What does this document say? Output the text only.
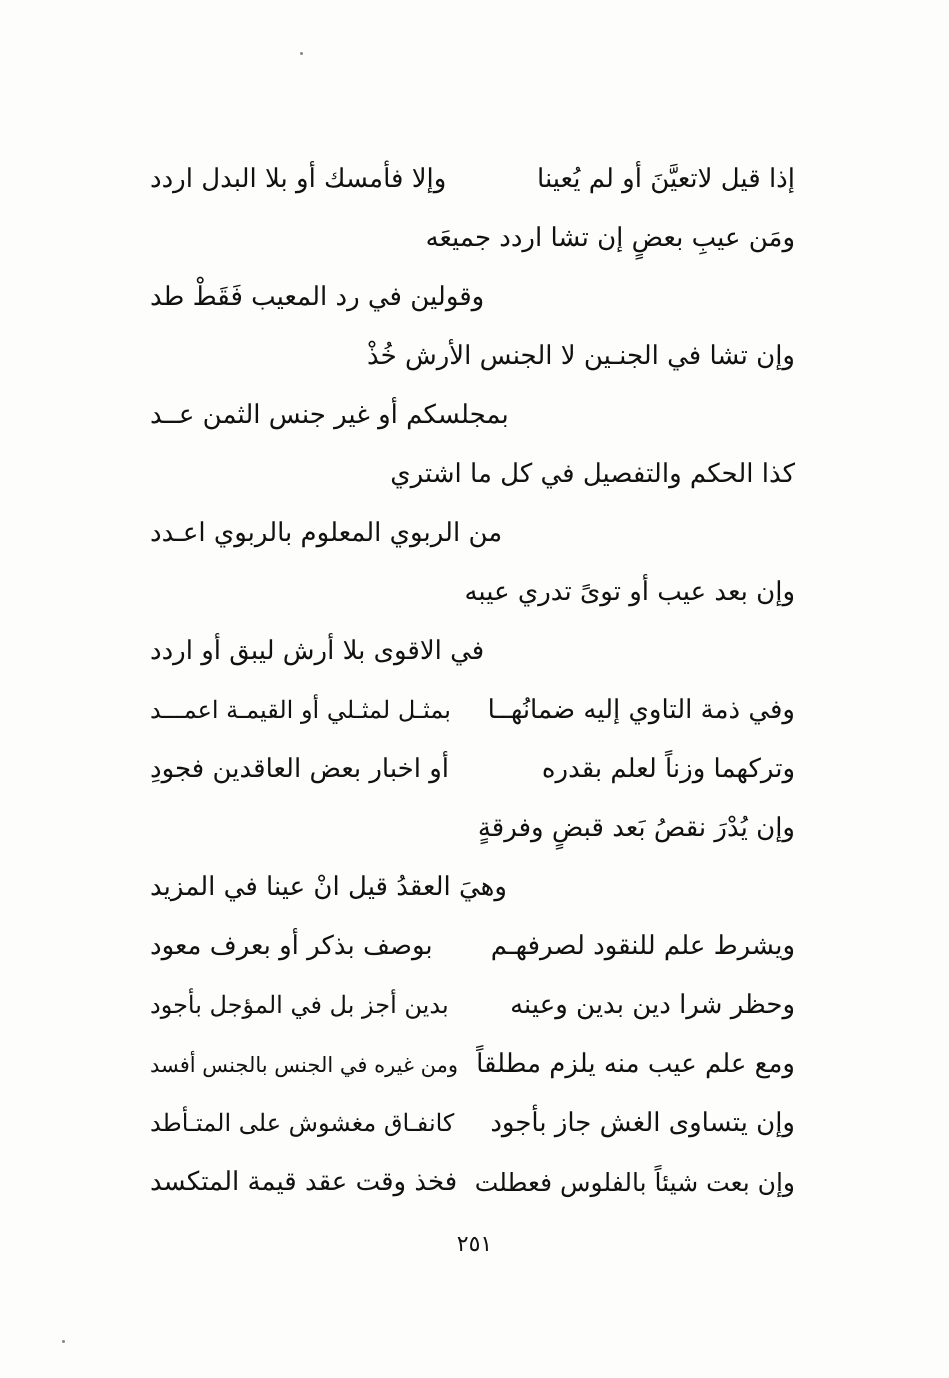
إذا قيل لاتعيَّنَ أو لم يُعينا
وإلا فأمسك أو بلا البدل اردد
ومَن عيبِ بعضٍ إن تشا اردد جميعَه
وقولين في رد المعيب فَقَطْ طد
وإن تشا في الجنـين لا الجنس الأرش خُذْ
بمجلسكم أو غير جنس الثمن عــد
كذا الحكم والتفصيل في كل ما اشتري
من الربوي المعلوم بالربوي اعـدد
وإن بعد عيب أو توىً تدري عيبه
في الاقوى بلا أرش ليبق أو اردد
وفي ذمة التاوي إليه ضمانُهــا
بمثـل لمثـلي أو القيمـة اعمـــد
وتركهما وزناً لعلم بقدره
أو اخبار بعض العاقدين فجودِ
وإن يُدْرَ نقصُ بَعد قبضٍ وفرقةٍ
وهيَ العقدُ قيل انْ عينا في المزيد
ويشرط علم للنقود لصرفهـم
بوصف بذكر أو بعرف معود
وحظر شرا دين بدين وعينه
بدين أجز بل في المؤجل بأجود
ومع علم عيب منه يلزم مطلقاً
ومن غيره في الجنس بالجنس أفسد
وإن يتساوى الغش جاز بأجود
كانفـاق مغشوش على المتـأطد
وإن بعت شيئاً بالفلوس فعطلت
فخذ وقت عقد قيمة المتكسد
٢٥١
